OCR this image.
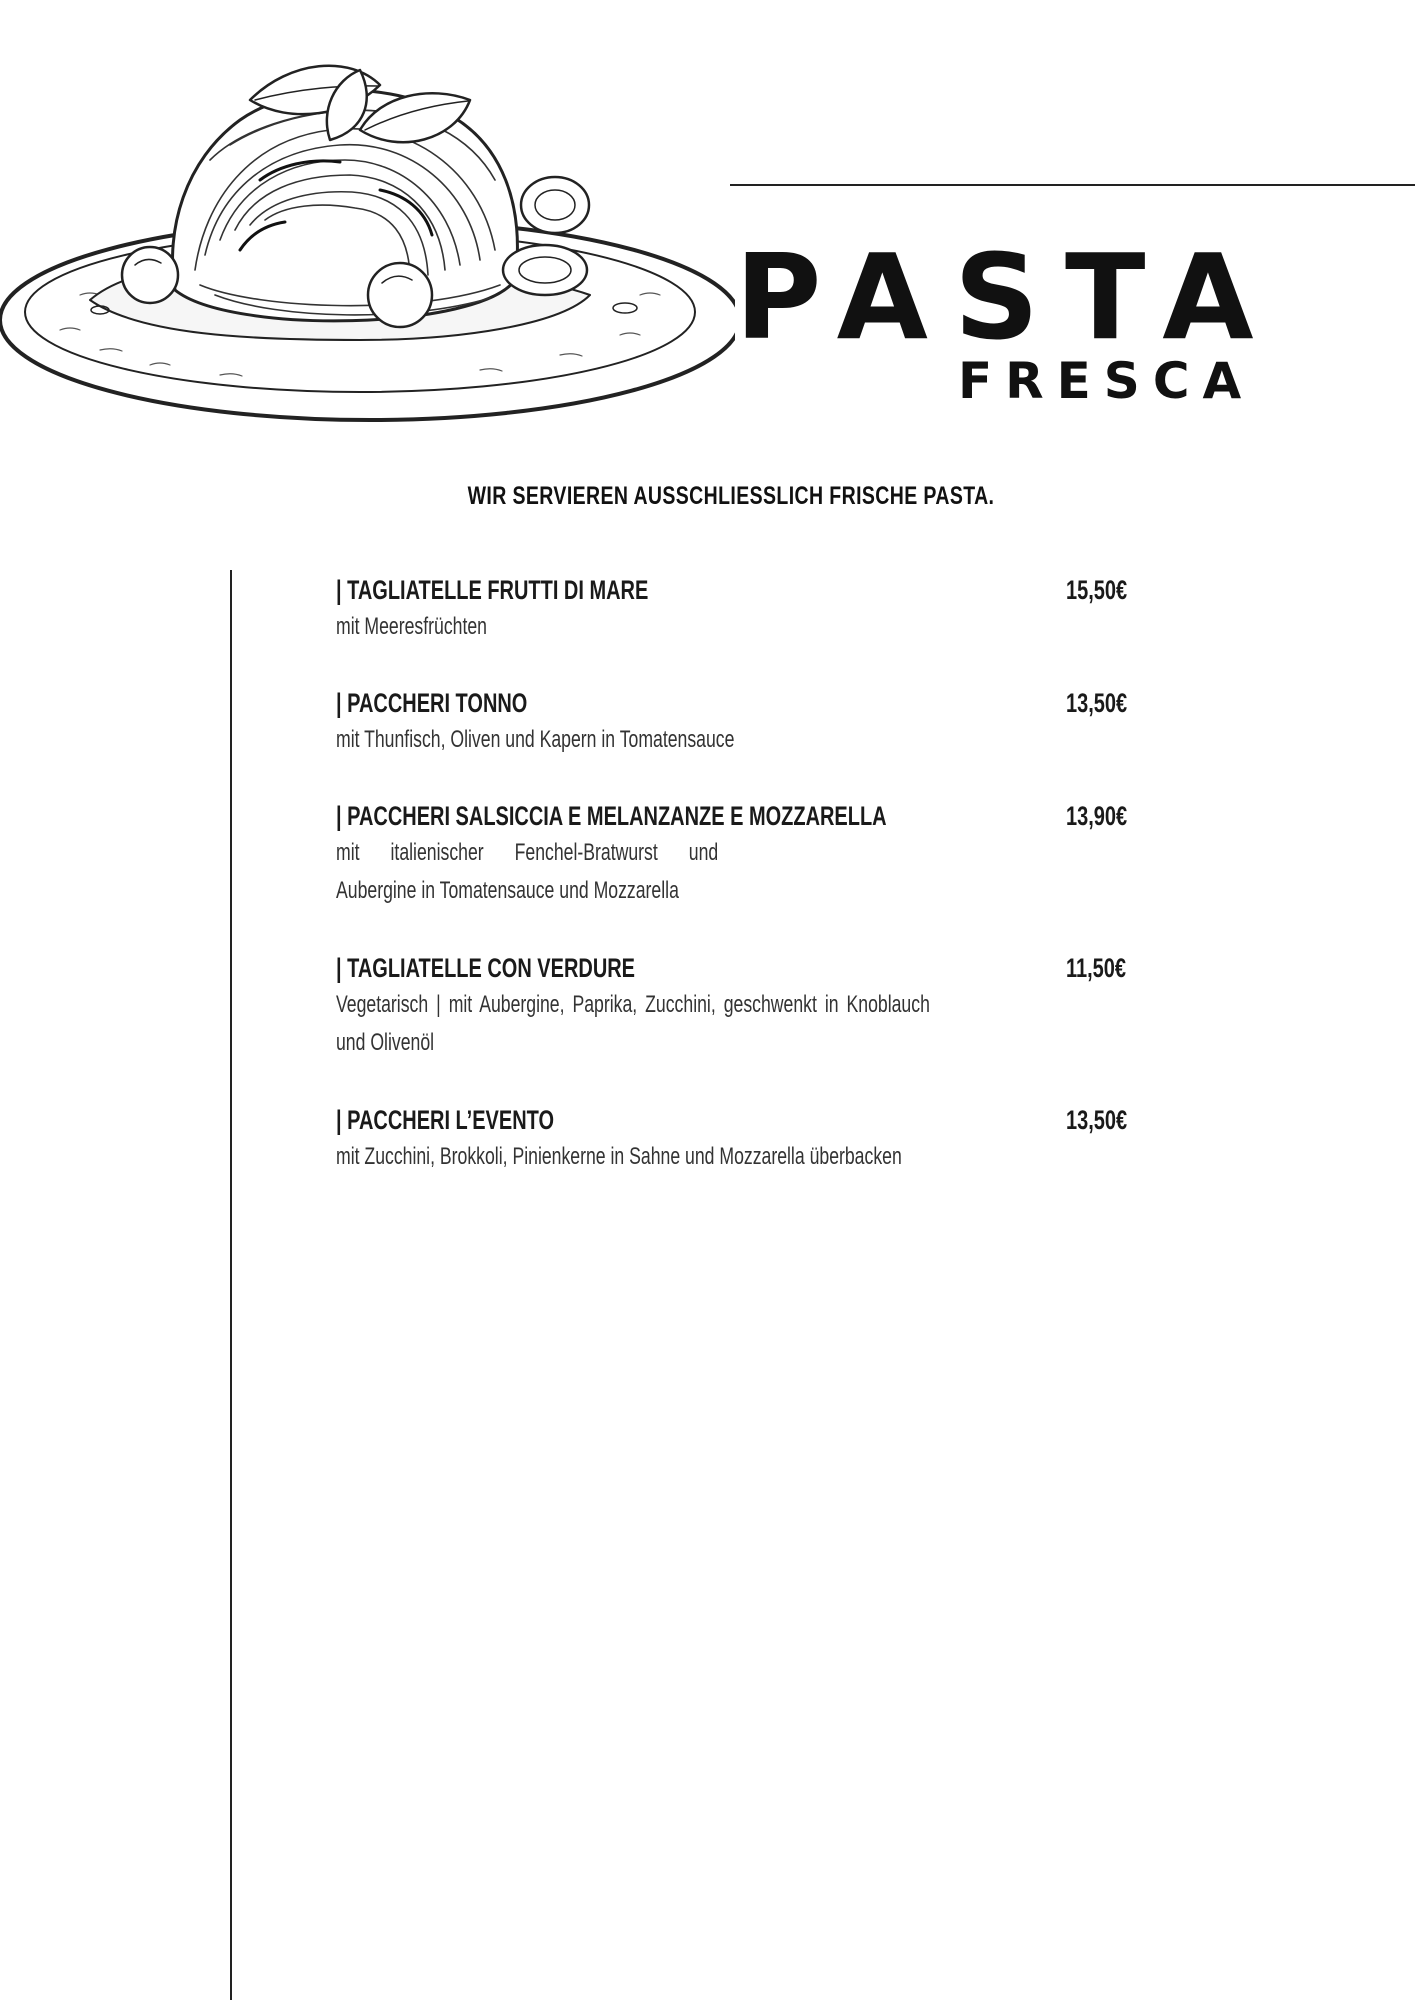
PASTA
FRESCA
WIR SERVIEREN AUSSCHLIESSLICH FRISCHE PASTA.
| TAGLIATELLE FRUTTI DI MARE	15,50€
mit Meeresfrüchten
| PACCHERI TONNO	13,50€
mit Thunfisch, Oliven und Kapern in Tomatensauce
| PACCHERI SALSICCIA E MELANZANZE E MOZZARELLA	13,90€
mit italienischer Fenchel-Bratwurst und Aubergine in Tomatensauce und Mozzarella
| TAGLIATELLE CON VERDURE	11,50€
Vegetarisch | mit Aubergine, Paprika, Zucchini, geschwenkt in Knoblauch und Olivenöl
| PACCHERI L’EVENTO	13,50€
mit Zucchini, Brokkoli, Pinienkerne in Sahne und Mozzarella überbacken
